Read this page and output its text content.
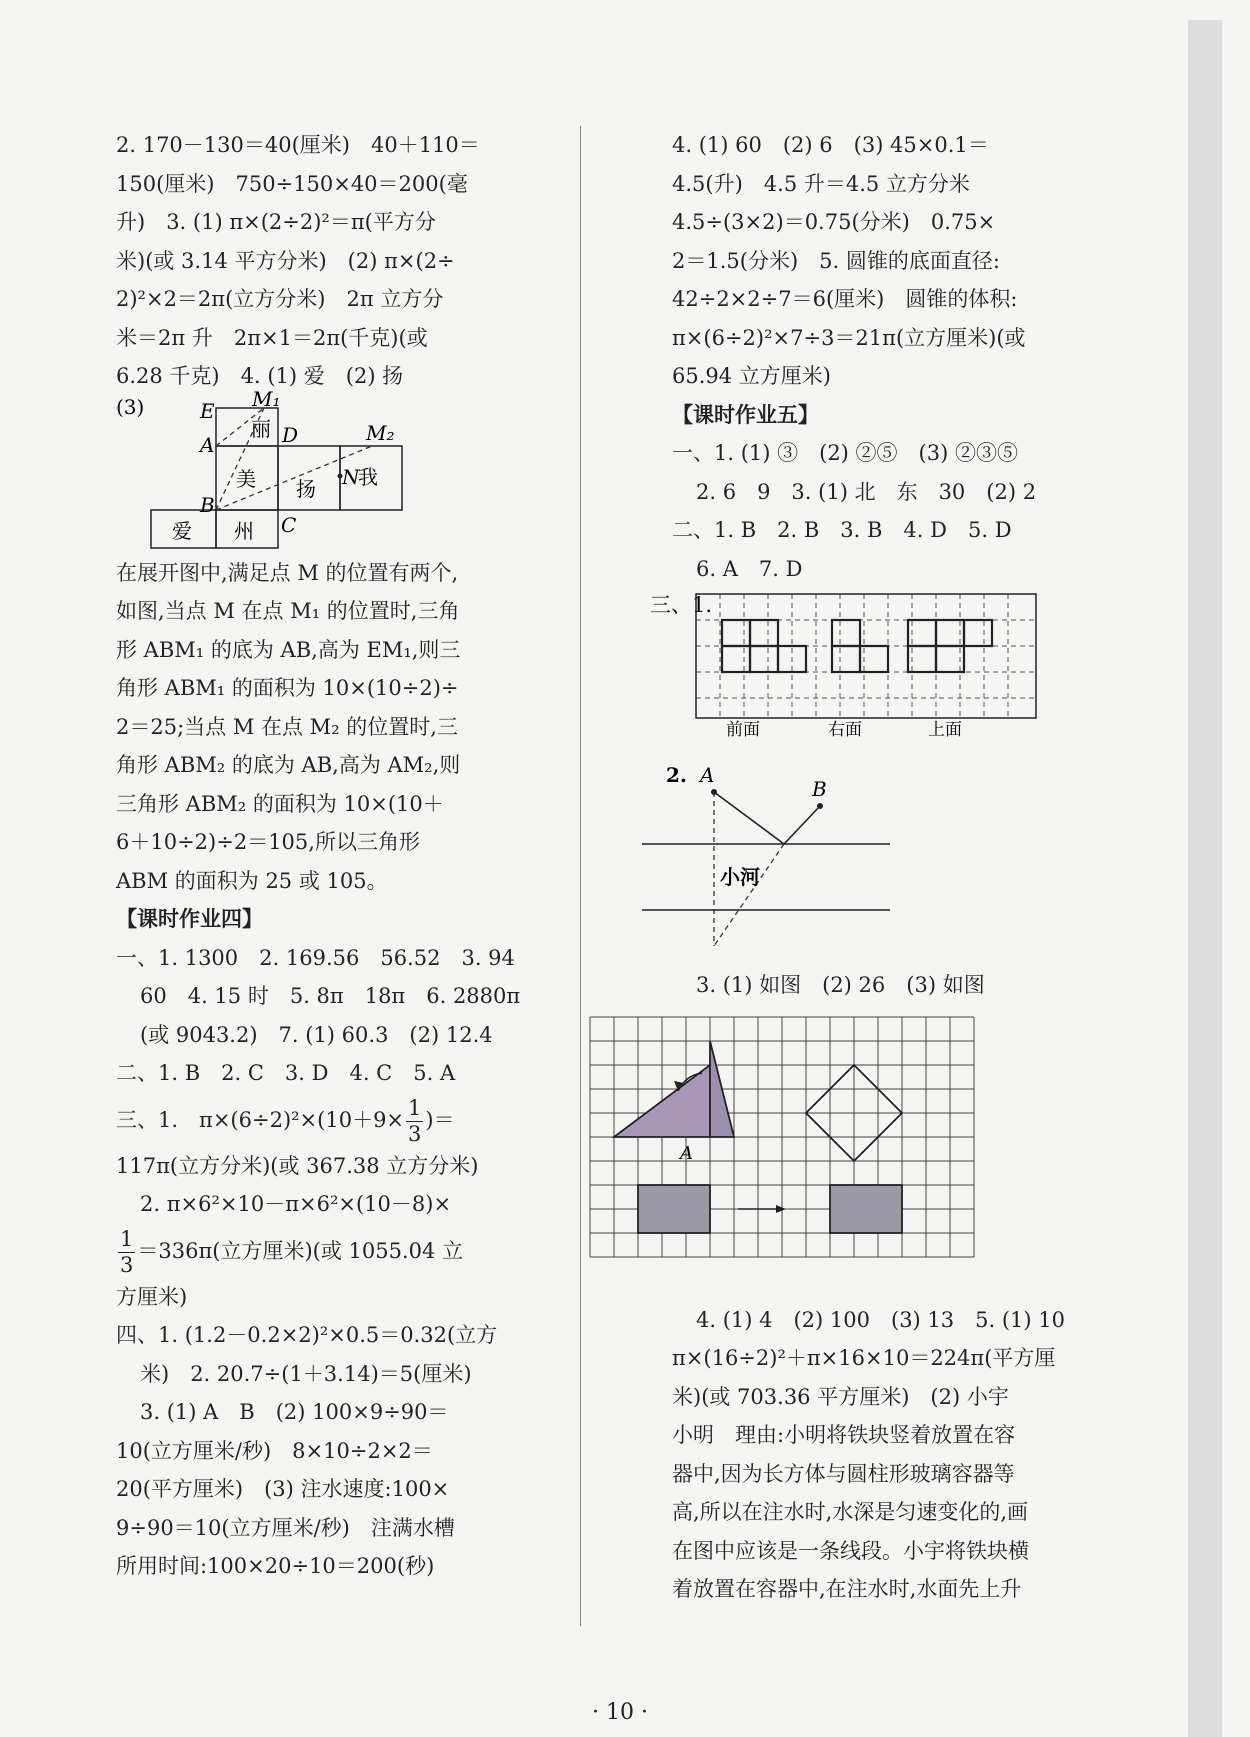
2. 170－130＝40(厘米)　40＋110＝

150(厘米)　750÷150×40＝200(毫

升)　3. (1) π×(2÷2)²＝π(平方分

米)(或 3.14 平方分米)　(2) π×(2÷

2)²×2＝2π(立方分米)　2π 立方分

米＝2π 升　2π×1＝2π(千克)(或

6.28 千克)　4. (1) 爱　(2) 扬

(3)	E M₁
A	D	M₂
B
N
C
丽
美 扬 我
爱 州

在展开图中,满足点 M 的位置有两个,

如图,当点 M 在点 M₁ 的位置时,三角

形 ABM₁ 的底为 AB,高为 EM₁,则三

角形 ABM₁ 的面积为 10×(10÷2)÷

2＝25;当点 M 在点 M₂ 的位置时,三

角形 ABM₂ 的底为 AB,高为 AM₂,则

三角形 ABM₂ 的面积为 10×(10＋

6＋10÷2)÷2＝105,所以三角形

ABM 的面积为 25 或 105。

【课时作业四】

一、1. 1300　2. 169.56　56.52　3. 94

60　4. 15 时　5. 8π　18π　6. 2880π

(或 9043.2)　7. (1) 60.3　(2) 12.4

二、1. B　2. C　3. D　4. C　5. A

三、1.　$\pi\times(6\div 2)^2\times(10+9\times \frac{1}{3}$ )＝

117π(立方分米)(或 367.38 立方分米)

2. π×6²×10－π×6²×(10－8)×

$\frac{1}{3} =336\pi$(立方厘米)(或 1055.04 立

方厘米)

四、1. (1.2－0.2×2)²×0.5＝0.32(立方

米)　2. 20.7÷(1＋3.14)＝5(厘米)

3. (1) A　B　(2) 100×9÷90＝

10(立方厘米/秒)　8×10÷2×2＝

20(平方厘米)　(3) 注水速度:100×

9÷90＝10(立方厘米/秒)　注满水槽

所用时间:100×20÷10＝200(秒)

4. (1) 60　(2) 6　(3) 45×0.1＝

4.5(升)　4.5 升＝4.5 立方分米

4.5÷(3×2)＝0.75(分米)　0.75×

2＝1.5(分米)　5. 圆锥的底面直径:

42÷2×2÷7＝6(厘米)　圆锥的体积:

π×(6÷2)²×7÷3＝21π(立方厘米)(或

65.94 立方厘米)

【课时作业五】

一、1. (1) ③　(2) ②⑤　(3) ②③⑤

2. 6　9　3. (1) 北　东　30　(2) 2

二、1. B　2. B　3. B　4. D　5. D

6. A　7. D

三、1.
前面	右面	上面
2. A
B
小河

3. (1) 如图　(2) 26　(3) 如图

A

4. (1) 4　(2) 100　(3) 13　5. (1) 10

π×(16÷2)²＋π×16×10＝224π(平方厘

米)(或 703.36 平方厘米)　(2) 小宇

小明　理由:小明将铁块竖着放置在容

器中,因为长方体与圆柱形玻璃容器等

高,所以在注水时,水深是匀速变化的,画

在图中应该是一条线段。小宇将铁块横

着放置在容器中,在注水时,水面先上升

· 10 ·
